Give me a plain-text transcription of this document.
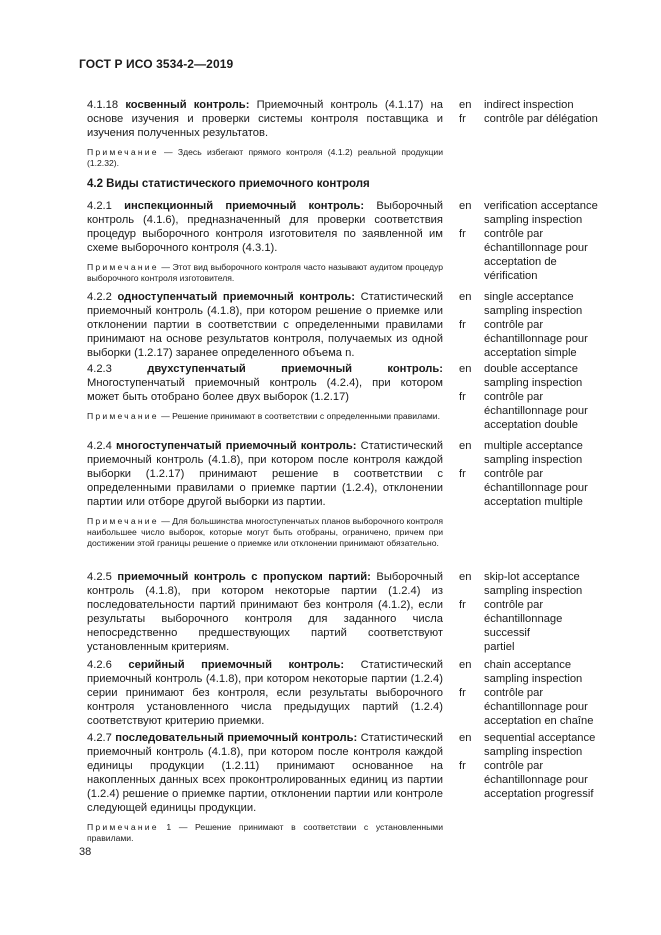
ГОСТ Р ИСО 3534-2—2019

4.1.18 косвенный контроль: Приемочный контроль (4.1.17) на основе изучения и проверки системы контроля поставщика и изучения полученных результатов.

Примечание — Здесь избегают прямого контроля (4.1.2) реальной продукции (1.2.32).

en
fr
indirect inspection
contrôle par délégation

4.2.1 инспекционный приемочный контроль: Выборочный контроль (4.1.6), предназначенный для проверки соответствия процедур выборочного контроля изготовителя по заявленной им схеме выборочного контроля (4.3.1).

Примечание — Этот вид выборочного контроля часто называют аудитом процедур выборочного контроля изготовителя.

en
fr
verification acceptance
sampling inspection
contrôle par
échantillonnage pour
acceptation de
vérification

4.2.2 одноступенчатый приемочный контроль: Статистический приемочный контроль (4.1.8), при котором решение о приемке или отклонении партии в соответствии с определенными правилами принимают на основе результатов контроля, получаемых из одной выборки (1.2.17) заранее определенного объема n.

en
fr
single acceptance
sampling inspection
contrôle par
échantillonnage pour
acceptation simple

4.2.3	двухступенчатый приемочный контроль: Многоступенчатый приемочный контроль (4.2.4), при котором может быть отобрано более двух выборок (1.2.17)

Примечание — Решение принимают в соответствии с определенными правилами.

en
fr
double acceptance
sampling inspection
contrôle par
échantillonnage pour
acceptation double

4.2.4 многоступенчатый приемочный контроль: Статистический приемочный контроль (4.1.8), при котором после контроля каждой выборки (1.2.17) принимают решение в соответствии с определенными правилами о приемке партии (1.2.4), отклонении партии или отборе другой выборки из партии.

Примечание — Для большинства многоступенчатых планов выборочного контроля наибольшее число выборок, которые могут быть отобраны, ограничено, причем при достижении этой границы решение о приемке или отклонении принимают обязательно.

en
fr
multiple acceptance
sampling inspection
contrôle par
échantillonnage pour
acceptation multiple

4.2.5 приемочный контроль с пропуском партий: Выборочный контроль (4.1.8), при котором некоторые партии (1.2.4) из последовательности партий принимают без контроля (4.1.2), если результаты выборочного контроля для заданного числа непосредственно предшествующих партий соответствуют установленным критериям.

en
fr
skip-lot acceptance
sampling inspection
contrôle par
échantillonnage
successif
partiel

4.2.6 серийный приемочный контроль: Статистический приемочный контроль (4.1.8), при котором некоторые партии (1.2.4) серии принимают без контроля, если результаты выборочного контроля установленного числа предыдущих партий (1.2.4) соответствуют критерию приемки.

en
fr
chain acceptance
sampling inspection
contrôle par
échantillonnage pour
acceptation en chaîne

4.2.7 последовательный приемочный контроль: Статистический приемочный контроль (4.1.8), при котором после контроля каждой единицы продукции (1.2.11) принимают основанное на накопленных данных всех проконтролированных единиц из партии (1.2.4) решение о приемке партии, отклонении партии или контроле следующей единицы продукции.

Примечание 1 — Решение принимают в соответствии с установленными правилами.

en
fr
sequential acceptance
sampling inspection
contrôle par
échantillonnage pour
acceptation progressif
4.2 Виды статистического приемочного контроля
38
